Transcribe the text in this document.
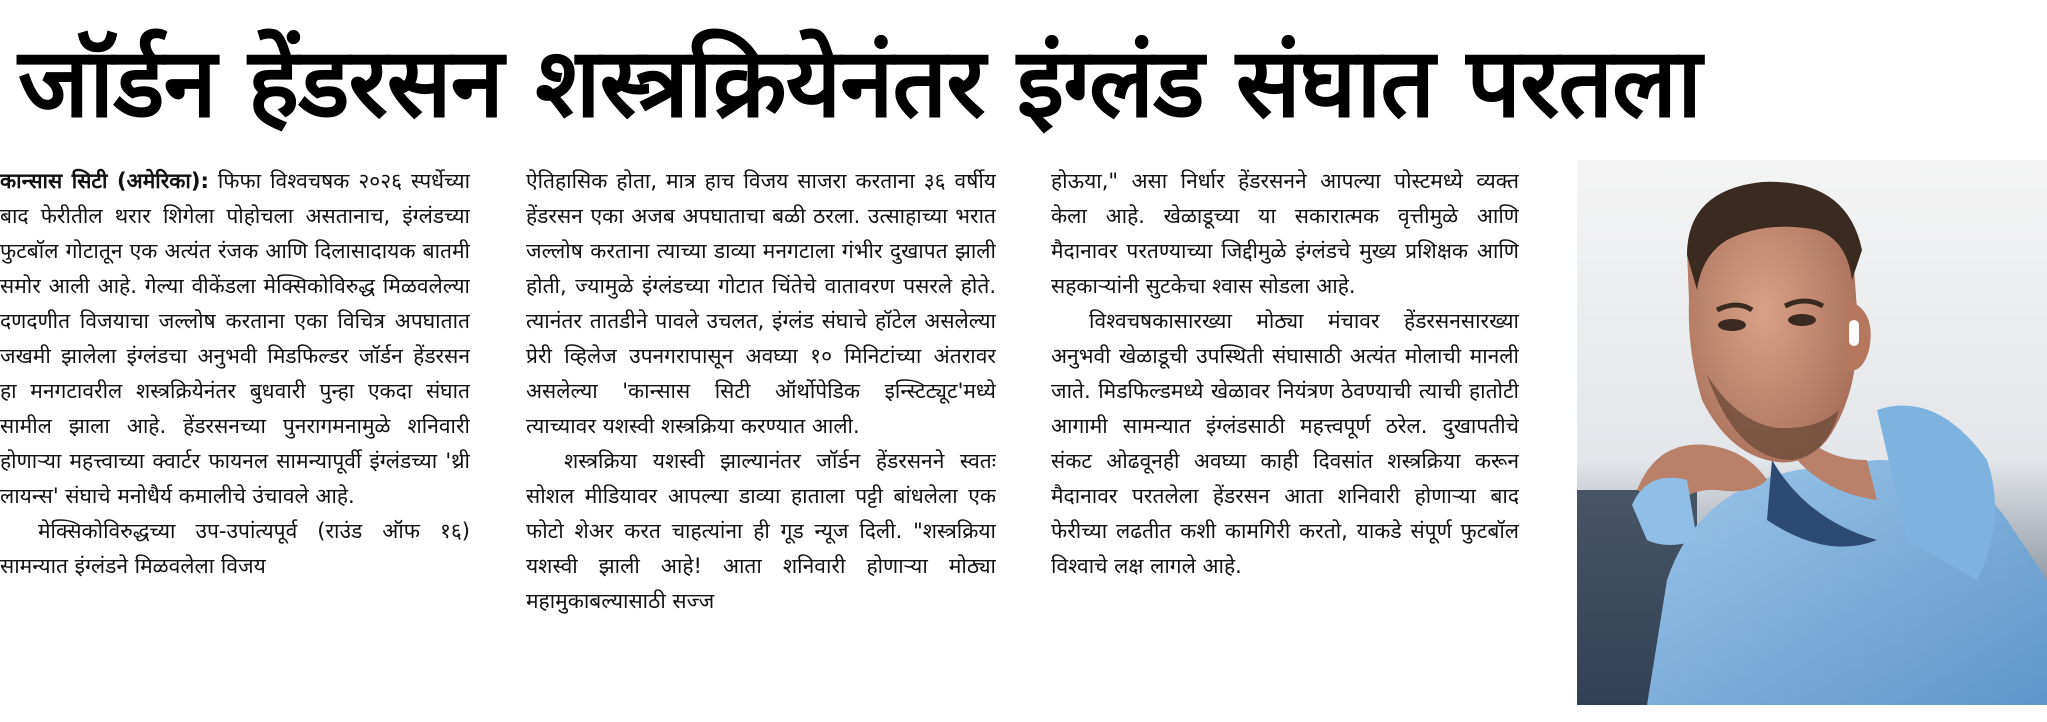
जॉर्डन हेंडरसन शस्त्रक्रियेनंतर इंग्लंड संघात परतला

कान्सास सिटी (अमेरिका): फिफा विश्वचषक २०२६ स्पर्धेच्या बाद फेरीतील थरार शिगेला पोहोचला असतानाच, इंग्लंडच्या फुटबॉल गोटातून एक अत्यंत रंजक आणि दिलासादायक बातमी समोर आली आहे. गेल्या वीकेंडला मेक्सिकोविरुद्ध मिळवलेल्या दणदणीत विजयाचा जल्लोष करताना एका विचित्र अपघातात जखमी झालेला इंग्लंडचा अनुभवी मिडफिल्डर जॉर्डन हेंडरसन हा मनगटावरील शस्त्रक्रियेनंतर बुधवारी पुन्हा एकदा संघात सामील झाला आहे. हेंडरसनच्या पुनरागमनामुळे शनिवारी होणाऱ्या महत्त्वाच्या क्वार्टर फायनल सामन्यापूर्वी इंग्लंडच्या 'थ्री लायन्स' संघाचे मनोधैर्य कमालीचे उंचावले आहे.

मेक्सिकोविरुद्धच्या उप-उपांत्यपूर्व (राउंड ऑफ १६) सामन्यात इंग्लंडने मिळवलेला विजय

ऐतिहासिक होता, मात्र हाच विजय साजरा करताना ३६ वर्षीय हेंडरसन एका अजब अपघाताचा बळी ठरला. उत्साहाच्या भरात जल्लोष करताना त्याच्या डाव्या मनगटाला गंभीर दुखापत झाली होती, ज्यामुळे इंग्लंडच्या गोटात चिंतेचे वातावरण पसरले होते. त्यानंतर तातडीने पावले उचलत, इंग्लंड संघाचे हॉटेल असलेल्या प्रेरी व्हिलेज उपनगरापासून अवघ्या १० मिनिटांच्या अंतरावर असलेल्या 'कान्सास सिटी ऑर्थोपेडिक इन्स्टिट्यूट'मध्ये त्याच्यावर यशस्वी शस्त्रक्रिया करण्यात आली.

शस्त्रक्रिया यशस्वी झाल्यानंतर जॉर्डन हेंडरसनने स्वतः सोशल मीडियावर आपल्या डाव्या हाताला पट्टी बांधलेला एक फोटो शेअर करत चाहत्यांना ही गूड न्यूज दिली. "शस्त्रक्रिया यशस्वी झाली आहे! आता शनिवारी होणाऱ्या मोठ्या महामुकाबल्यासाठी सज्ज

होऊया," असा निर्धार हेंडरसनने आपल्या पोस्टमध्ये व्यक्त केला आहे. खेळाडूच्या या सकारात्मक वृत्तीमुळे आणि मैदानावर परतण्याच्या जिद्दीमुळे इंग्लंडचे मुख्य प्रशिक्षक आणि सहकाऱ्यांनी सुटकेचा श्वास सोडला आहे.

विश्वचषकासारख्या मोठ्या मंचावर हेंडरसनसारख्या अनुभवी खेळाडूची उपस्थिती संघासाठी अत्यंत मोलाची मानली जाते. मिडफिल्डमध्ये खेळावर नियंत्रण ठेवण्याची त्याची हातोटी आगामी सामन्यात इंग्लंडसाठी महत्त्वपूर्ण ठरेल. दुखापतीचे संकट ओढवूनही अवघ्या काही दिवसांत शस्त्रक्रिया करून मैदानावर परतलेला हेंडरसन आता शनिवारी होणाऱ्या बाद फेरीच्या लढतीत कशी कामगिरी करतो, याकडे संपूर्ण फुटबॉल विश्वाचे लक्ष लागले आहे.
